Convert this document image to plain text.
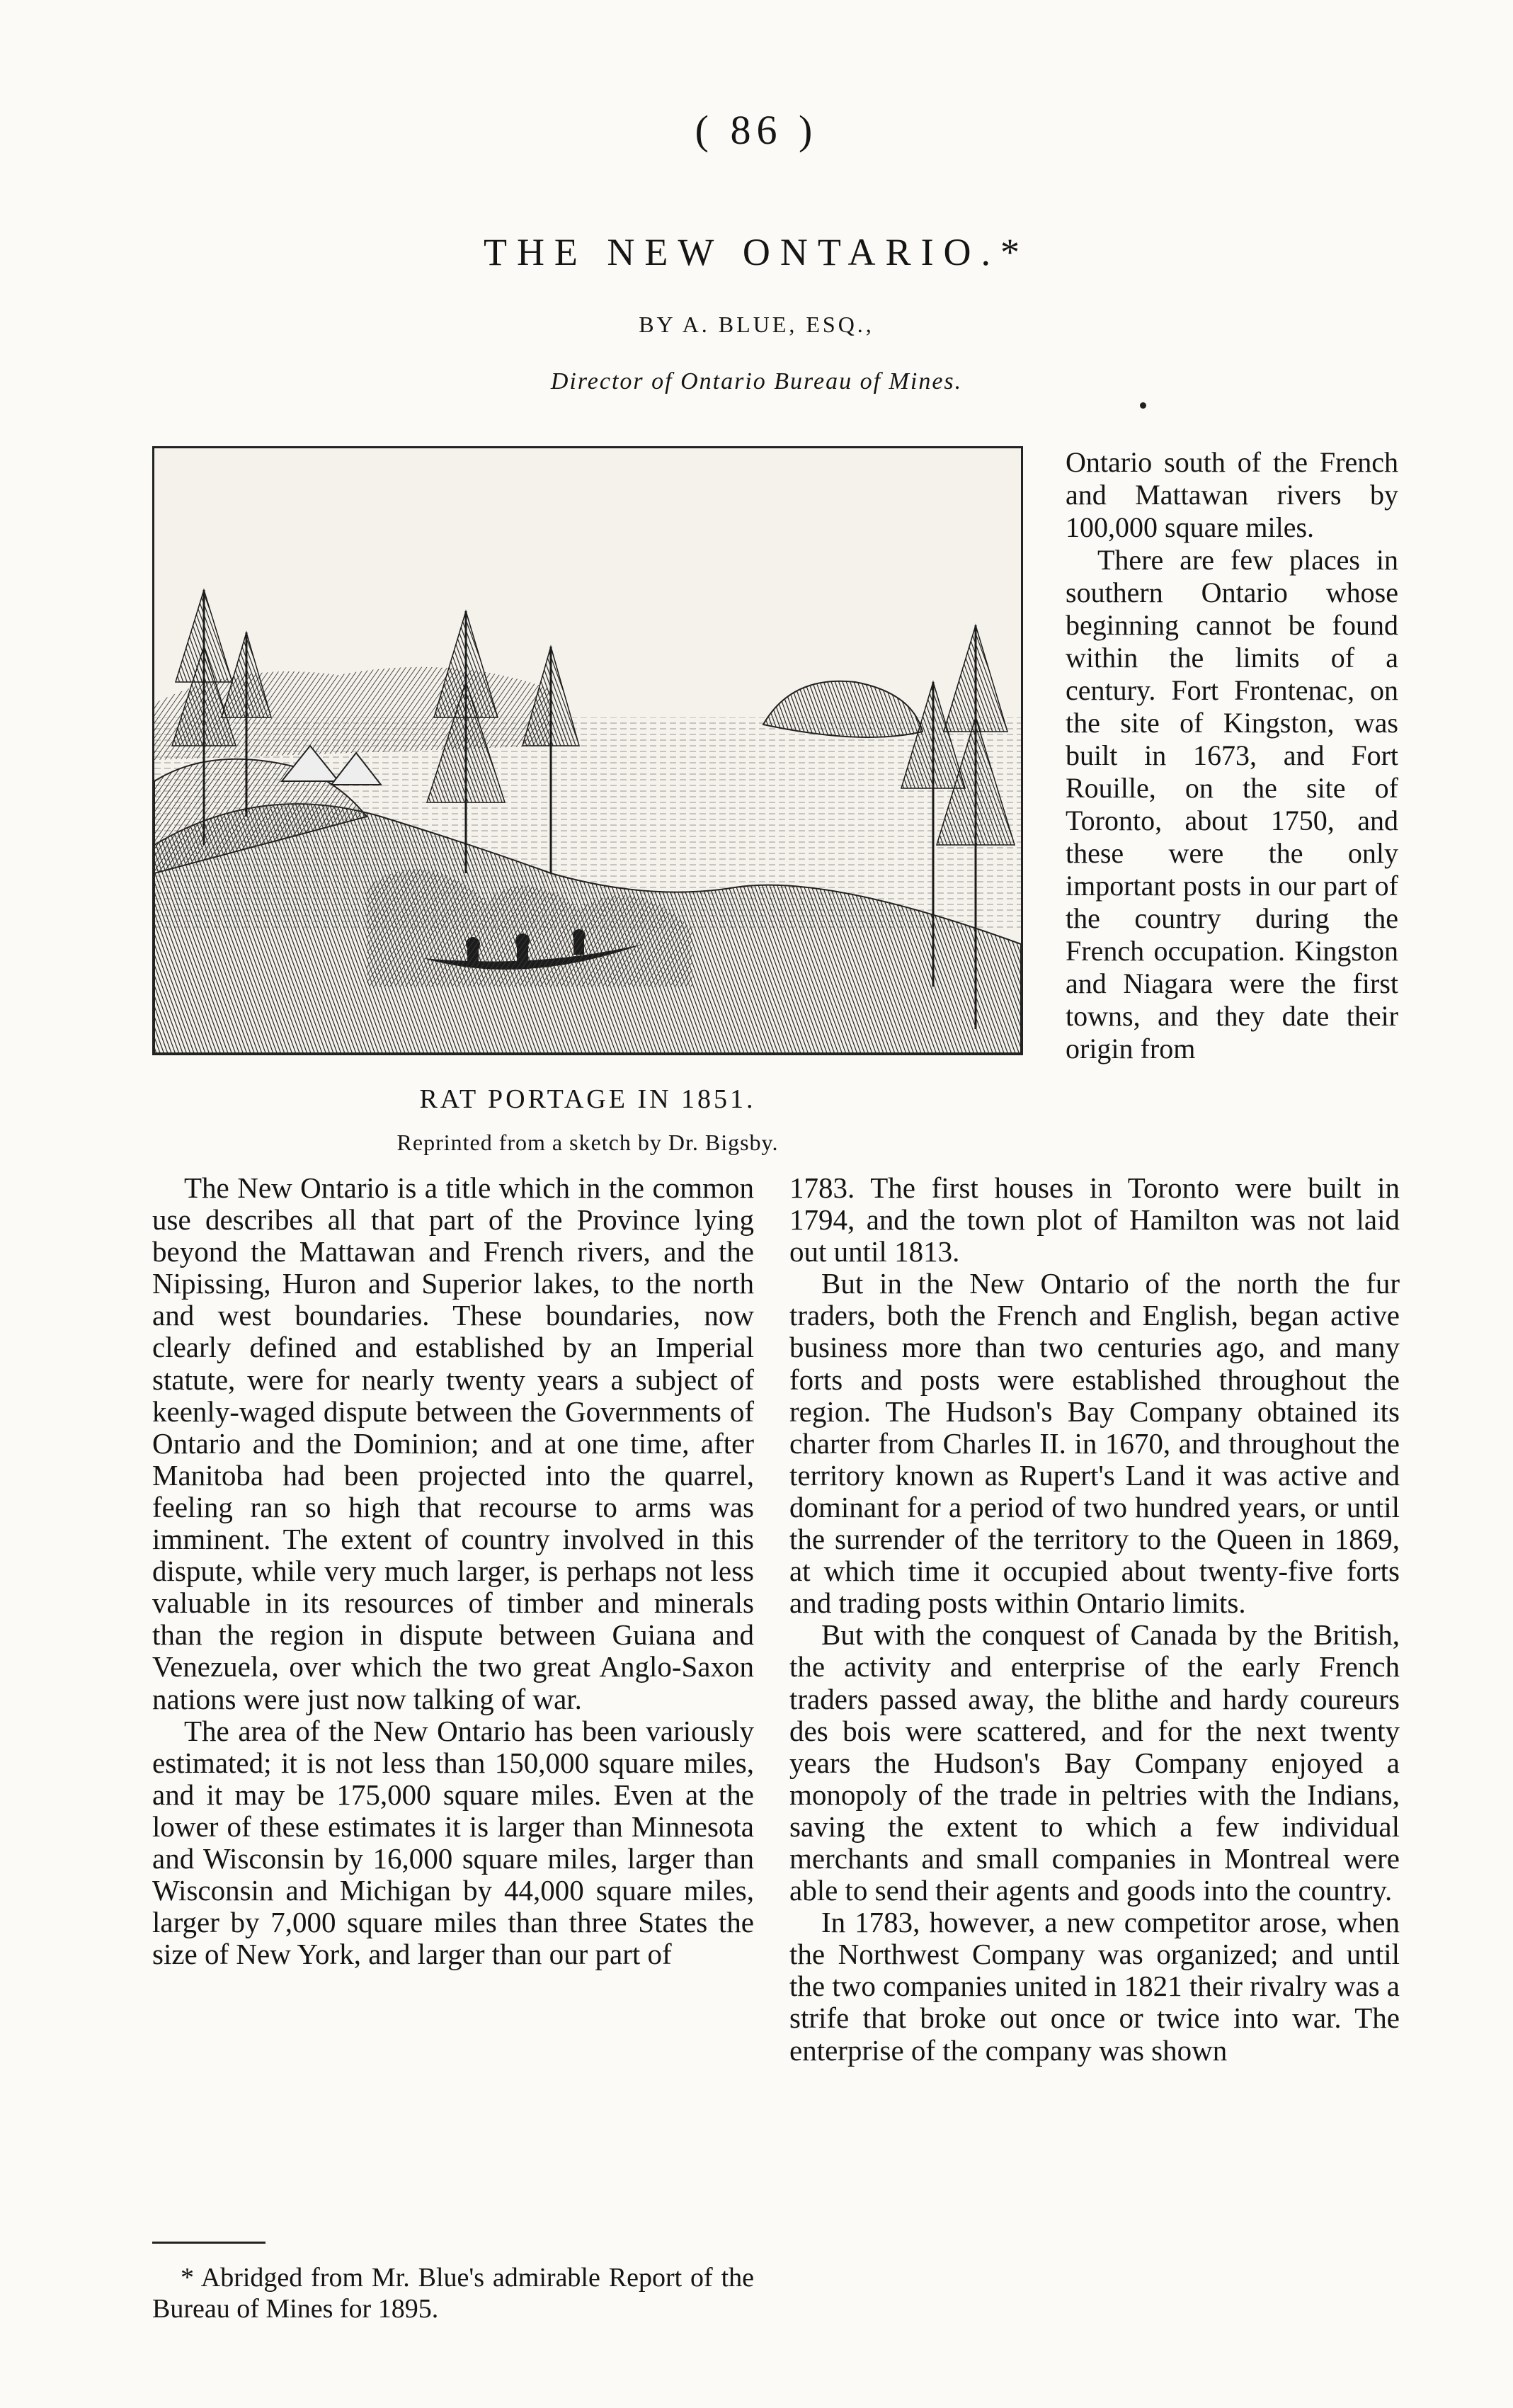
( 86 )
THE NEW ONTARIO.*
BY A. BLUE, ESQ.,
Director of Ontario Bureau of Mines.
RAT PORTAGE IN 1851.
Reprinted from a sketch by Dr. Bigsby.

Ontario south of the French and Mattawan rivers by 100,000 square miles.

There are few places in southern Ontario whose beginning cannot be found within the limits of a century. Fort Frontenac, on the site of Kingston, was built in 1673, and Fort Rouille, on the site of Toronto, about 1750, and these were the only important posts in our part of the country during the French occupation. Kingston and Niagara were the first towns, and they date their origin from

The New Ontario is a title which in the common use describes all that part of the Province lying beyond the Mattawan and French rivers, and the Nipissing, Huron and Superior lakes, to the north and west boundaries. These boundaries, now clearly defined and established by an Imperial statute, were for nearly twenty years a subject of keenly-waged dispute between the Governments of Ontario and the Dominion; and at one time, after Manitoba had been projected into the quarrel, feeling ran so high that recourse to arms was imminent. The extent of country involved in this dispute, while very much larger, is perhaps not less valuable in its resources of timber and minerals than the region in dispute between Guiana and Venezuela, over which the two great Anglo-Saxon nations were just now talking of war.

The area of the New Ontario has been variously estimated; it is not less than 150,000 square miles, and it may be 175,000 square miles. Even at the lower of these estimates it is larger than Minnesota and Wisconsin by 16,000 square miles, larger than Wisconsin and Michigan by 44,000 square miles, larger by 7,000 square miles than three States the size of New York, and larger than our part of

1783. The first houses in Toronto were built in 1794, and the town plot of Hamilton was not laid out until 1813.

But in the New Ontario of the north the fur traders, both the French and English, began active business more than two centuries ago, and many forts and posts were established throughout the region. The Hudson's Bay Company obtained its charter from Charles II. in 1670, and throughout the territory known as Rupert's Land it was active and dominant for a period of two hundred years, or until the surrender of the territory to the Queen in 1869, at which time it occupied about twenty-five forts and trading posts within Ontario limits.

But with the conquest of Canada by the British, the activity and enterprise of the early French traders passed away, the blithe and hardy coureurs des bois were scattered, and for the next twenty years the Hudson's Bay Company enjoyed a monopoly of the trade in peltries with the Indians, saving the extent to which a few individual merchants and small companies in Montreal were able to send their agents and goods into the country.

In 1783, however, a new competitor arose, when the Northwest Company was organized; and until the two companies united in 1821 their rivalry was a strife that broke out once or twice into war. The enterprise of the company was shown

* Abridged from Mr. Blue's admirable Report of the Bureau of Mines for 1895.
